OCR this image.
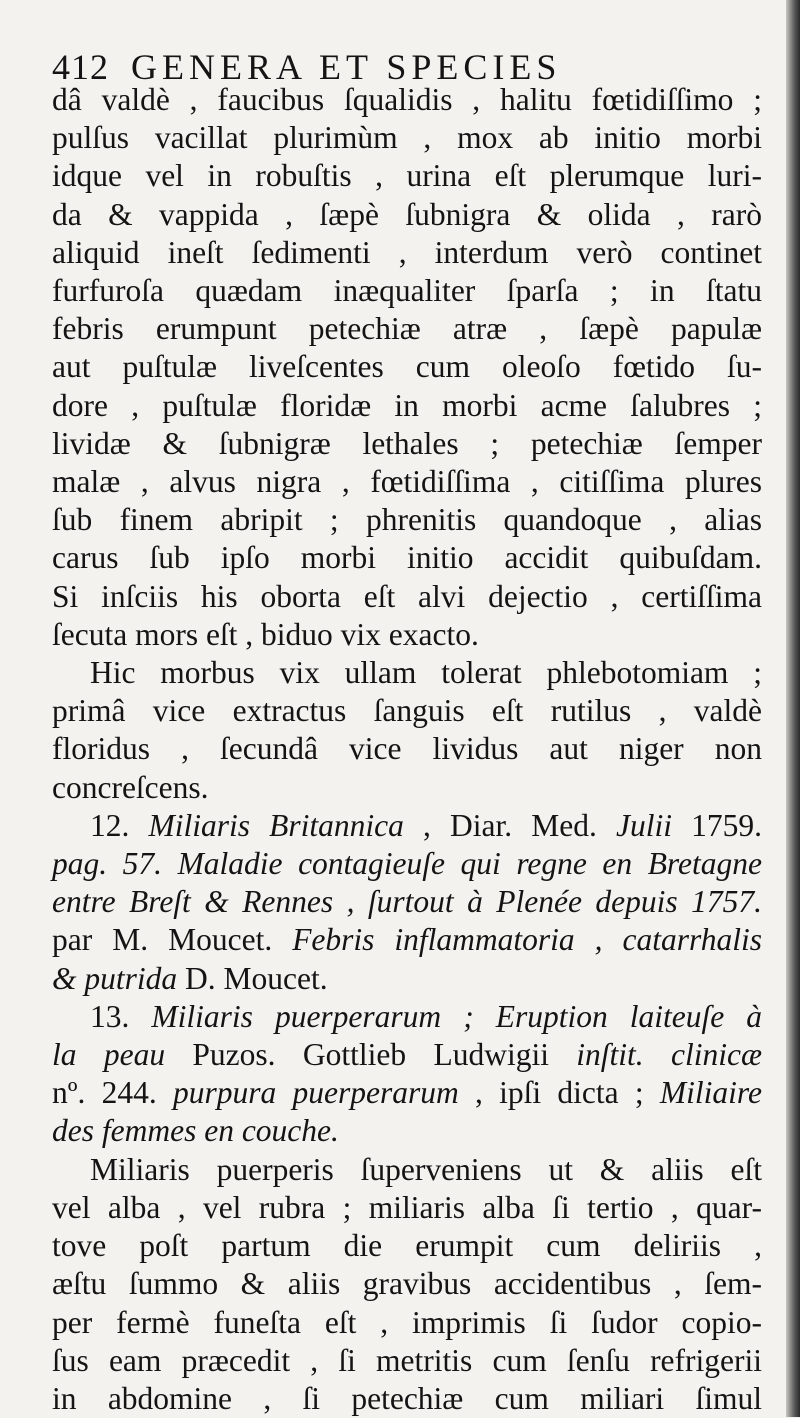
412 GENERA ET SPECIES
dâ valdè , faucibus ſqualidis , halitu fœtidiſſimo ;
pulſus vacillat plurimùm , mox ab initio morbi
idque vel in robuſtis , urina eſt plerumque luri-
da & vappida , ſæpè ſubnigra & olida , rarò
aliquid ineſt ſedimenti , interdum verò continet
furfuroſa quædam inæqualiter ſparſa ; in ſtatu
febris erumpunt petechiæ atræ , ſæpè papulæ
aut puſtulæ liveſcentes cum oleoſo fœtido ſu-
dore , puſtulæ floridæ in morbi acme ſalubres ;
lividæ & ſubnigræ lethales ; petechiæ ſemper
malæ , alvus nigra , fœtidiſſima , citiſſima plures
ſub finem abripit ; phrenitis quandoque , alias
carus ſub ipſo morbi initio accidit quibuſdam.
Si inſciis his oborta eſt alvi dejectio , certiſſima
ſecuta mors eſt , biduo vix exacto.
Hic morbus vix ullam tolerat phlebotomiam ;
primâ vice extractus ſanguis eſt rutilus , valdè
floridus , ſecundâ vice lividus aut niger non
concreſcens.
12. Miliaris Britannica , Diar. Med. Julii 1759.
pag. 57. Maladie contagieuſe qui regne en Bretagne
entre Breſt & Rennes , ſurtout à Plenée depuis 1757.
par M. Moucet. Febris inflammatoria , catarrhalis
& putrida D. Moucet.
13. Miliaris puerperarum ; Eruption laiteuſe à
la peau Puzos. Gottlieb Ludwigii inſtit. clinicæ
nº. 244. purpura puerperarum , ipſi dicta ; Miliaire
des femmes en couche.
Miliaris puerperis ſuperveniens ut & aliis eſt
vel alba , vel rubra ; miliaris alba ſi tertio , quar-
tove poſt partum die erumpit cum deliriis ,
æſtu ſummo & aliis gravibus accidentibus , ſem-
per fermè funeſta eſt , imprimis ſi ſudor copio-
ſus eam præcedit , ſi metritis cum ſenſu refrigerii
in abdomine , ſi petechiæ cum miliari ſimul
